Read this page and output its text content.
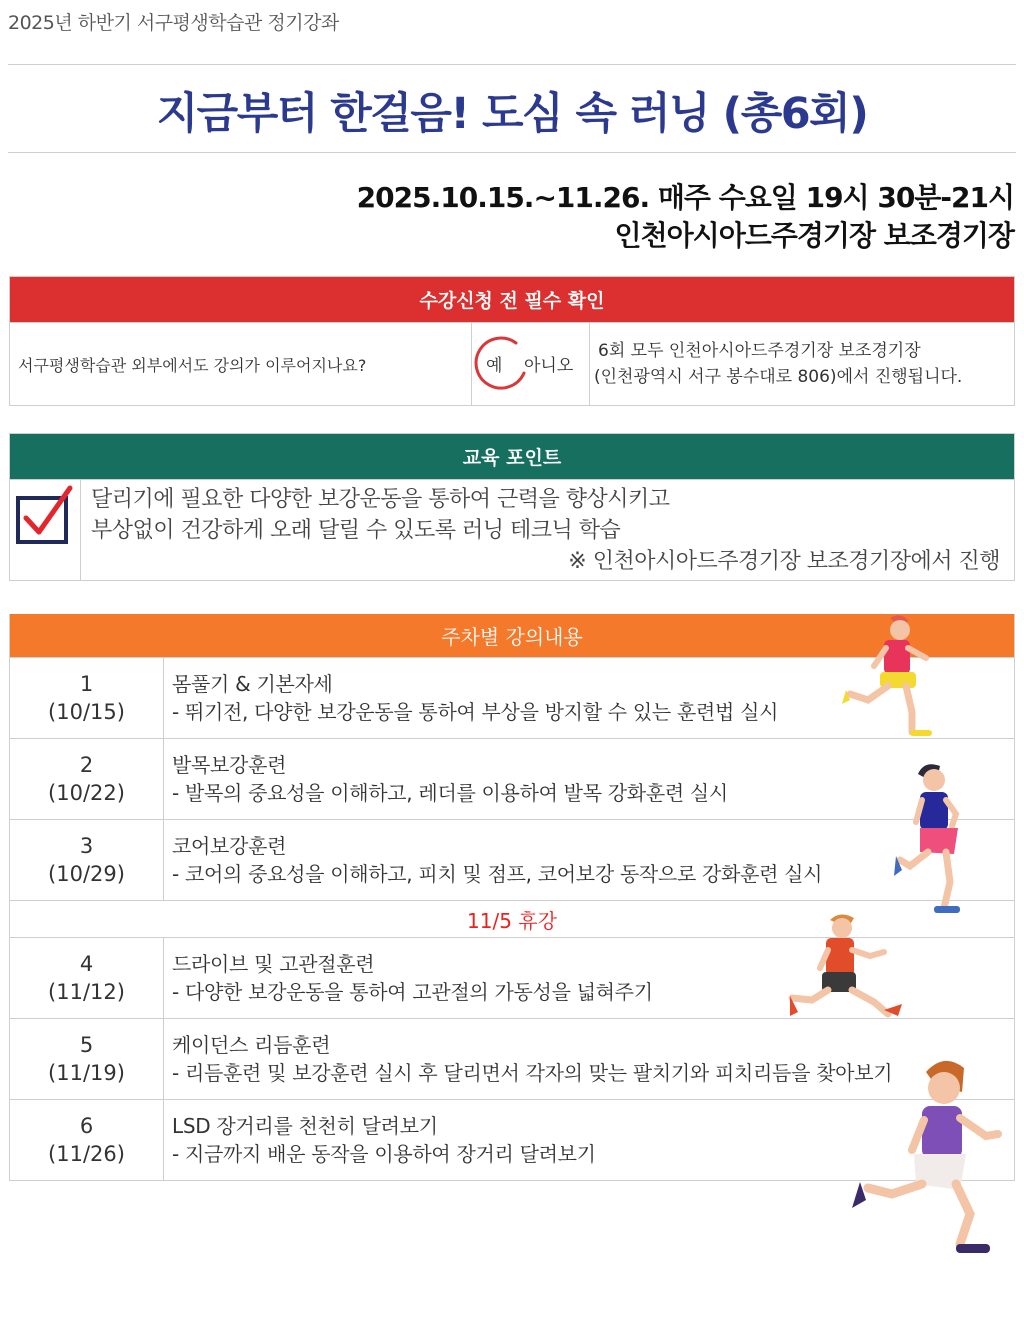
2025년 하반기 서구평생학습관 정기강좌
지금부터 한걸음! 도심 속 러닝 (총6회)
2025.10.15.~11.26. 매주 수요일 19시 30분-21시
인천아시아드주경기장 보조경기장
수강신청 전 필수 확인
서구평생학습관 외부에서도 강의가 이루어지나요?	예 아니오
6회 모두 인천아시아드주경기장 보조경기장
(인천광역시 서구 봉수대로 806)에서 진행됩니다.
교육 포인트
달리기에 필요한 다양한 보강운동을 통하여 근력을 향상시키고
부상없이 건강하게 오래 달릴 수 있도록 러닝 테크닉 학습
※ 인천아시아드주경기장 보조경기장에서 진행
주차별 강의내용
1
(10/15)
몸풀기 & 기본자세
- 뛰기전, 다양한 보강운동을 통하여 부상을 방지할 수 있는 훈련법 실시
2
(10/22)
발목보강훈련
- 발목의 중요성을 이해하고, 레더를 이용하여 발목 강화훈련 실시
3
(10/29)
코어보강훈련
- 코어의 중요성을 이해하고, 피치 및 점프, 코어보강 동작으로 강화훈련 실시
11/5 휴강
4
(11/12)
드라이브 및 고관절훈련
- 다양한 보강운동을 통하여 고관절의 가동성을 넓혀주기
5
(11/19)
케이던스 리듬훈련
- 리듬훈련 및 보강훈련 실시 후 달리면서 각자의 맞는 팔치기와 피치리듬을 찾아보기
6
(11/26)
LSD 장거리를 천천히 달려보기
- 지금까지 배운 동작을 이용하여 장거리 달려보기
